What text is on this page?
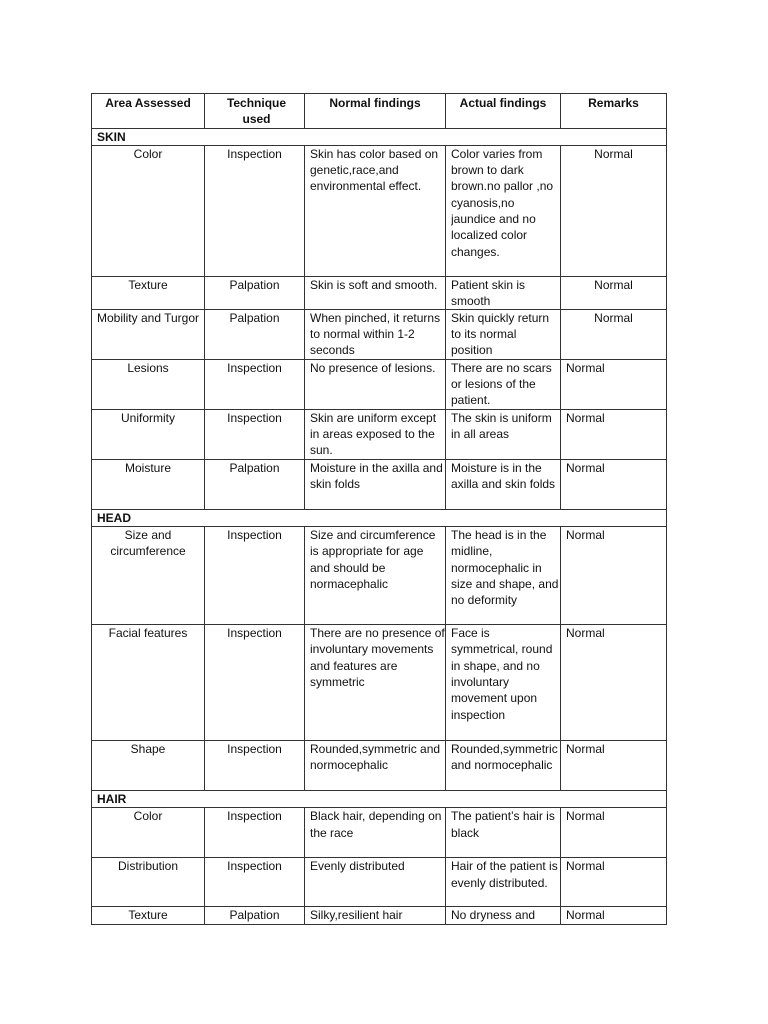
Area Assessed	Technique used	Normal findings	Actual findings	Remarks
SKIN				

Color	Inspection	Skin has color based on genetic,race,and environmental effect.	Color varies from brown to dark brown.no pallor ,no cyanosis,no jaundice and no localized color changes.	Normal

Texture	Palpation	Skin is soft and smooth.	Patient skin is smooth	Normal

Mobility and Turgor	Palpation	When pinched, it returns to normal within 1-2 seconds	Skin quickly return to its normal position	Normal

Lesions	Inspection	No presence of lesions.	There are no scars or lesions of the patient.	Normal

Uniformity	Inspection	Skin are uniform except in areas exposed to the sun.	The skin is uniform in all areas	Normal

Moisture	Palpation	Moisture in the axilla and skin folds	Moisture is in the axilla and skin folds	Normal

HEAD				

Size and circumference	Inspection	Size and circumference is appropriate for age and should be normacephalic	The head is in the midline, normocephalic in size and shape, and no deformity	Normal

Facial features	Inspection	There are no presence of involuntary movements and features are symmetric	Face is symmetrical, round in shape, and no involuntary movement upon inspection	Normal

Shape	Inspection	Rounded,symmetric and normocephalic	Rounded,symmetric and normocephalic	Normal

HAIR				

Color	Inspection	Black hair, depending on the race	The patient’s hair is black	Normal

Distribution	Inspection	Evenly distributed	Hair of the patient is evenly distributed.	Normal

Texture	Palpation	Silky,resilient hair	No dryness and	Normal
